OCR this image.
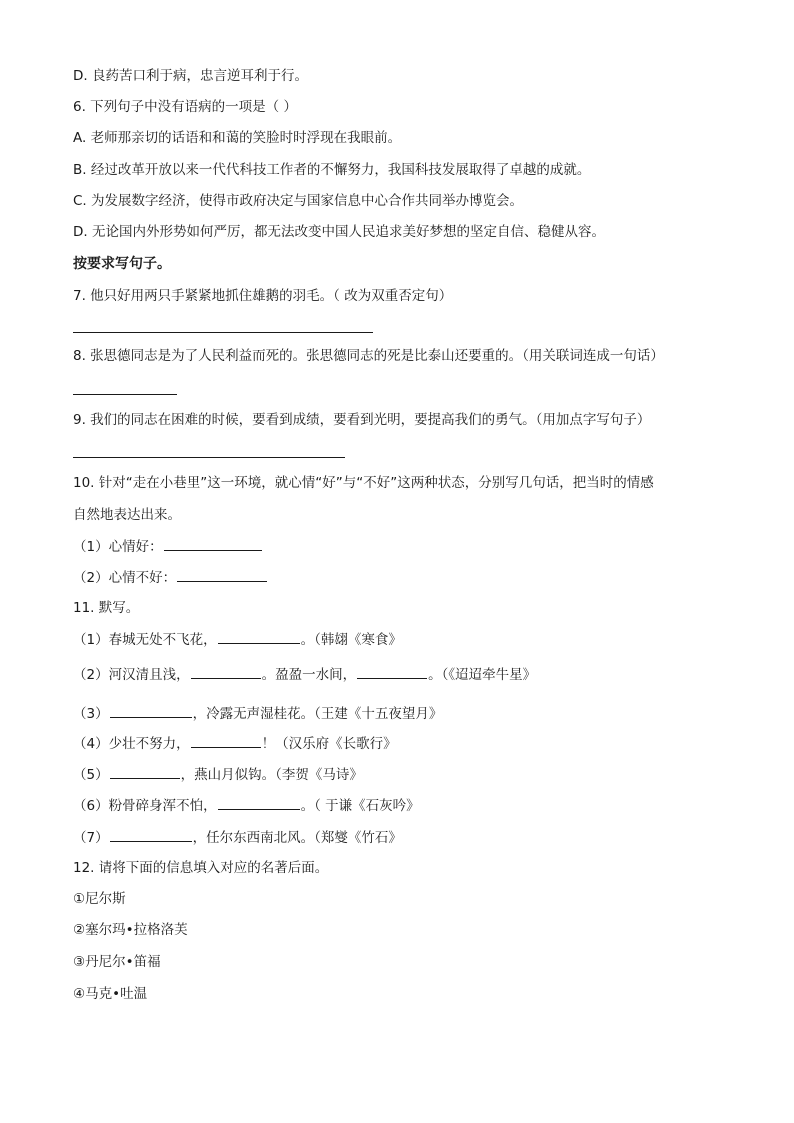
D. 良药苦口利于病，忠言逆耳利于行。
6. 下列句子中没有语病的一项是（ ）
A. 老师那亲切的话语和和蔼的笑脸时时浮现在我眼前。
B. 经过改革开放以来一代代科技工作者的不懈努力，我国科技发展取得了卓越的成就。
C. 为发展数字经济，使得市政府决定与国家信息中心合作共同举办博览会。
D. 无论国内外形势如何严厉，都无法改变中国人民追求美好梦想的坚定自信、稳健从容。
按要求写句子。
7. 他只好用两只手紧紧地抓住雄鹅的羽毛。（ 改为双重否定句）
8. 张思德同志是为了人民利益而死的。张思德同志的死是比泰山还要重的。（用关联词连成一句话）
9. 我们的同志在困难的时候，要看到成绩，要看到光明，要提高我们的勇气。（用加点字写句子）
10. 针对“走在小巷里”这一环境，就心情“好”与“不好”这两种状态，分别写几句话，把当时的情感
自然地表达出来。
（1）心情好：
（2）心情不好：
11. 默写。
（1）春城无处不飞花，	。（韩翃《寒食》
（2）河汉清且浅，	。盈盈一水间，	。（《迢迢牵牛星》
（3）	，冷露无声湿桂花。（王建《十五夜望月》
（4）少壮不努力，	！（汉乐府《长歌行》
（5）	，燕山月似钩。（李贺《马诗》
（6）粉骨碎身浑不怕，	。（ 于谦《石灰吟》
（7）	，任尔东西南北风。（郑燮《竹石》
12. 请将下面的信息填入对应的名著后面。
①尼尔斯
②塞尔玛•拉格洛芙
③丹尼尔•笛福
④马克•吐温
